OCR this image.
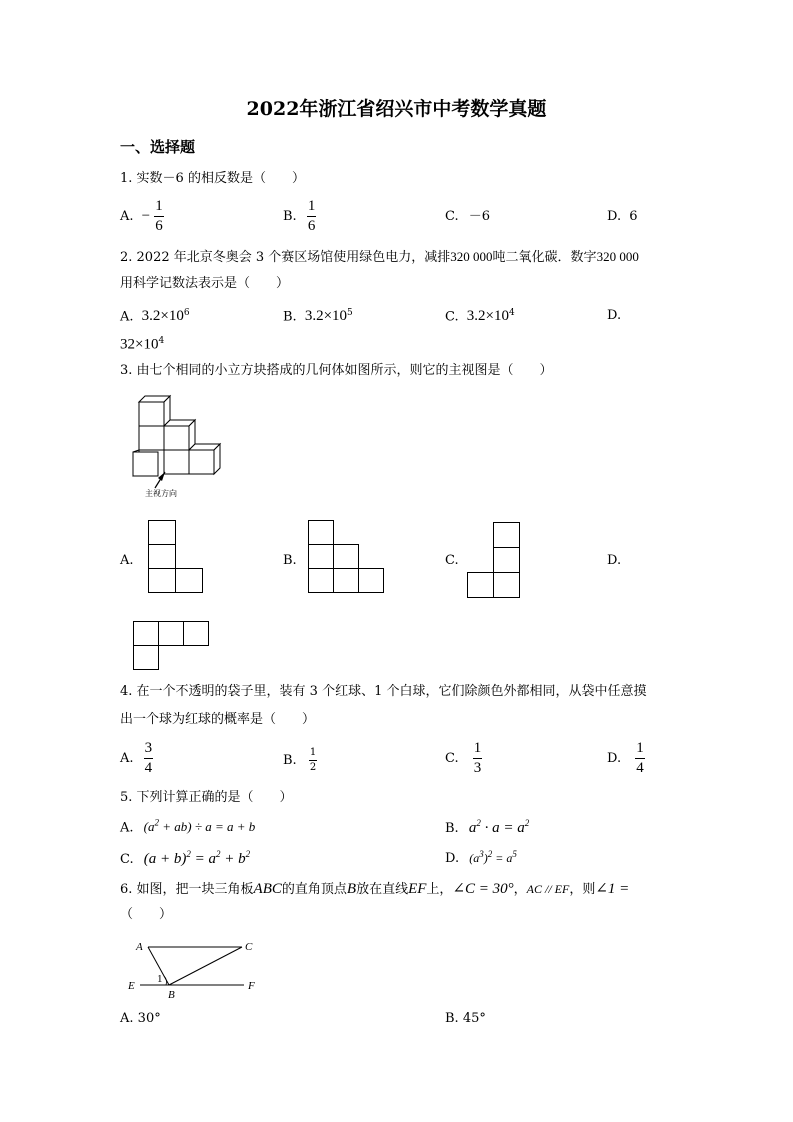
2022年浙江省绍兴市中考数学真题
一、选择题
1. 实数－6 的相反数是（　　）
A. − $\frac{1}{6}$	B. $\frac{1}{6}$	C. －6	D. 6
2. 2022 年北京冬奥会 3 个赛区场馆使用绿色电力，减排320 000吨二氧化碳．数字320 000
用科学记数法表示是（　　）
A. $3.2\times 10^6$	B. $3.2\times 10^5$	C. $3.2\times 10^4$	D.
$32\times 10^4$
3. 由七个相同的小立方块搭成的几何体如图所示，则它的主视图是（　　）
主视方向
A.	B.	C.	D.
4. 在一个不透明的袋子里，装有 3 个红球、1 个白球，它们除颜色外都相同，从袋中任意摸
出一个球为红球的概率是（　　）
A. $\frac{3}{4}$	B. $\frac{1}{2}$	C. $\frac{1}{3}$	D. $\frac{1}{4}$
5. 下列计算正确的是（　　）
A. $(a^2 + ab) \div a = a + b$	B. $a^2 \cdot a = a^2$
C. $(a + b)^2 = a^2 + b^2$	D. $(a^3)^2 = a^5$
6. 如图，把一块三角板ABC的直角顶点B放在直线EF上，∠C = 30°，AC // EF，则∠1 =
（　　）
A	C
E	F
B
1
A. 30°	B. 45°
